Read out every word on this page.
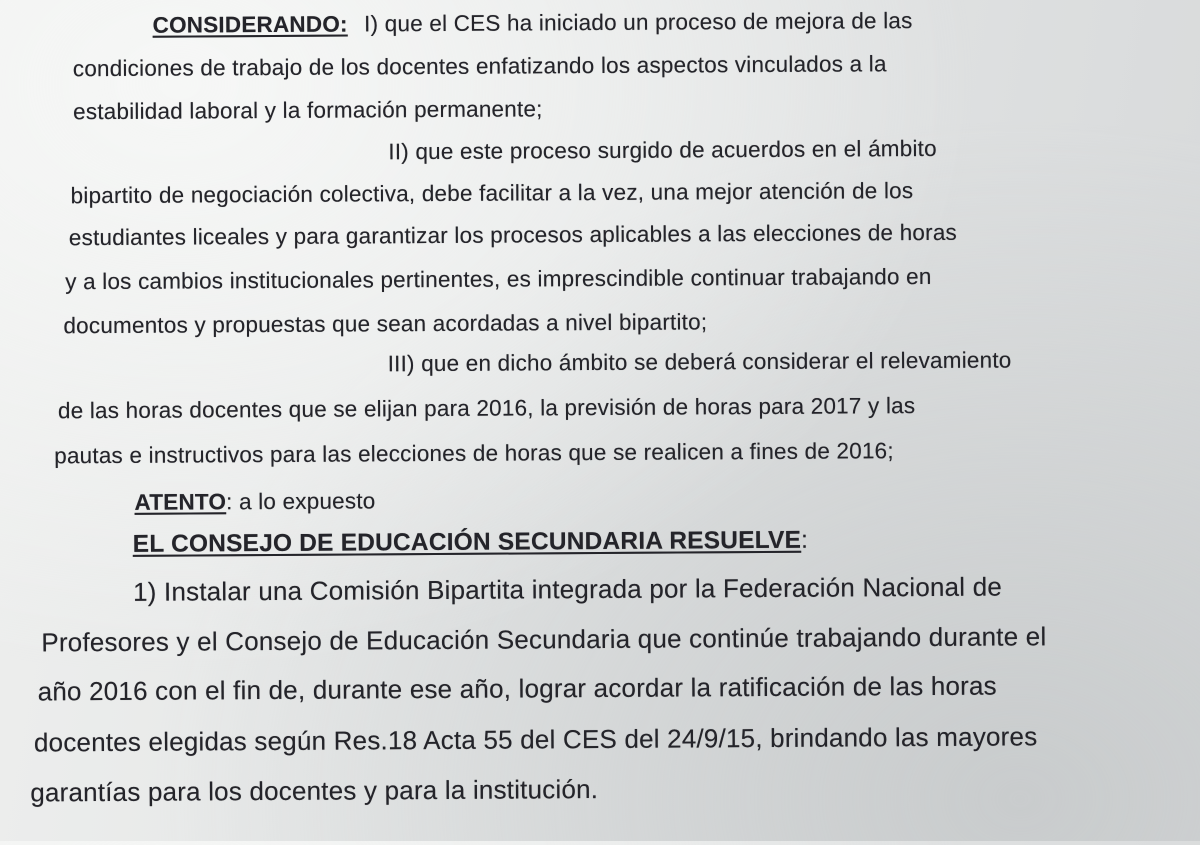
CONSIDERANDO: I) que el CES ha iniciado un proceso de mejora de las
condiciones de trabajo de los docentes enfatizando los aspectos vinculados a la
estabilidad laboral y la formación permanente;
II) que este proceso surgido de acuerdos en el ámbito
bipartito de negociación colectiva, debe facilitar a la vez, una mejor atención de los
estudiantes liceales y para garantizar los procesos aplicables a las elecciones de horas
y a los cambios institucionales pertinentes, es imprescindible continuar trabajando en
documentos y propuestas que sean acordadas a nivel bipartito;
III) que en dicho ámbito se deberá considerar el relevamiento
de las horas docentes que se elijan para 2016, la previsión de horas para 2017 y las
pautas e instructivos para las elecciones de horas que se realicen a fines de 2016;
ATENTO: a lo expuesto
EL CONSEJO DE EDUCACIÓN SECUNDARIA RESUELVE:
1) Instalar una Comisión Bipartita integrada por la Federación Nacional de
Profesores y el Consejo de Educación Secundaria que continúe trabajando durante el
año 2016 con el fin de, durante ese año, lograr acordar la ratificación de las horas
docentes elegidas según Res.18 Acta 55 del CES del 24/9/15, brindando las mayores
garantías para los docentes y para la institución.
